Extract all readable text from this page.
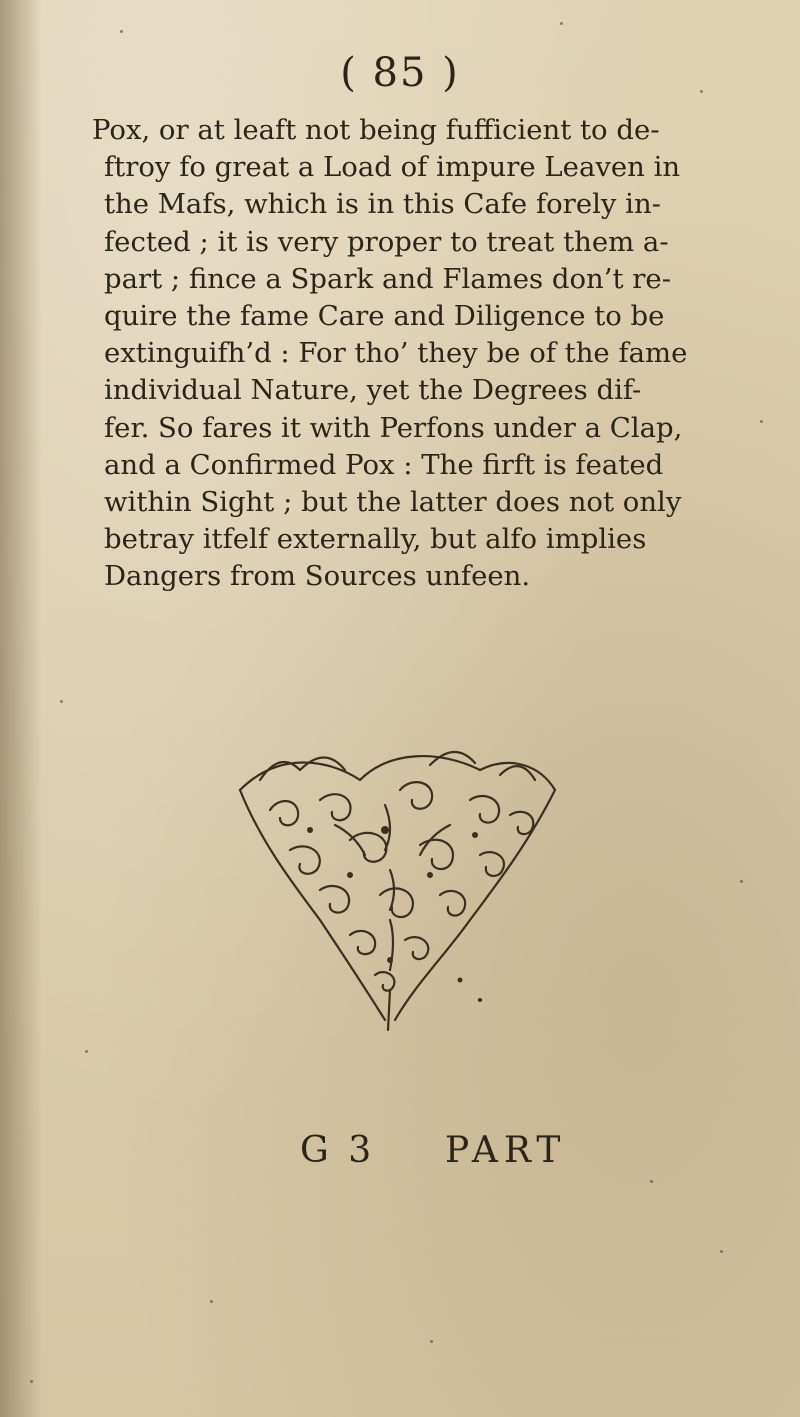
( 85 )
Pox, or at leaft not being fufficient to de-
ftroy fo great a Load of impure Leaven in
the Mafs, which is in this Cafe forely in-
fected ; it is very proper to treat them a-
part ; fince a Spark and Flames don’t re-
quire the fame Care and Diligence to be
extinguifh’d : For tho’ they be of the fame
individual Nature, yet the Degrees dif-
fer. So fares it with Perfons under a Clap,
and a Confirmed Pox : The firft is feated
within Sight ; but the latter does not only
betray itfelf externally, but alfo implies
Dangers from Sources unfeen.
G 3 PART
